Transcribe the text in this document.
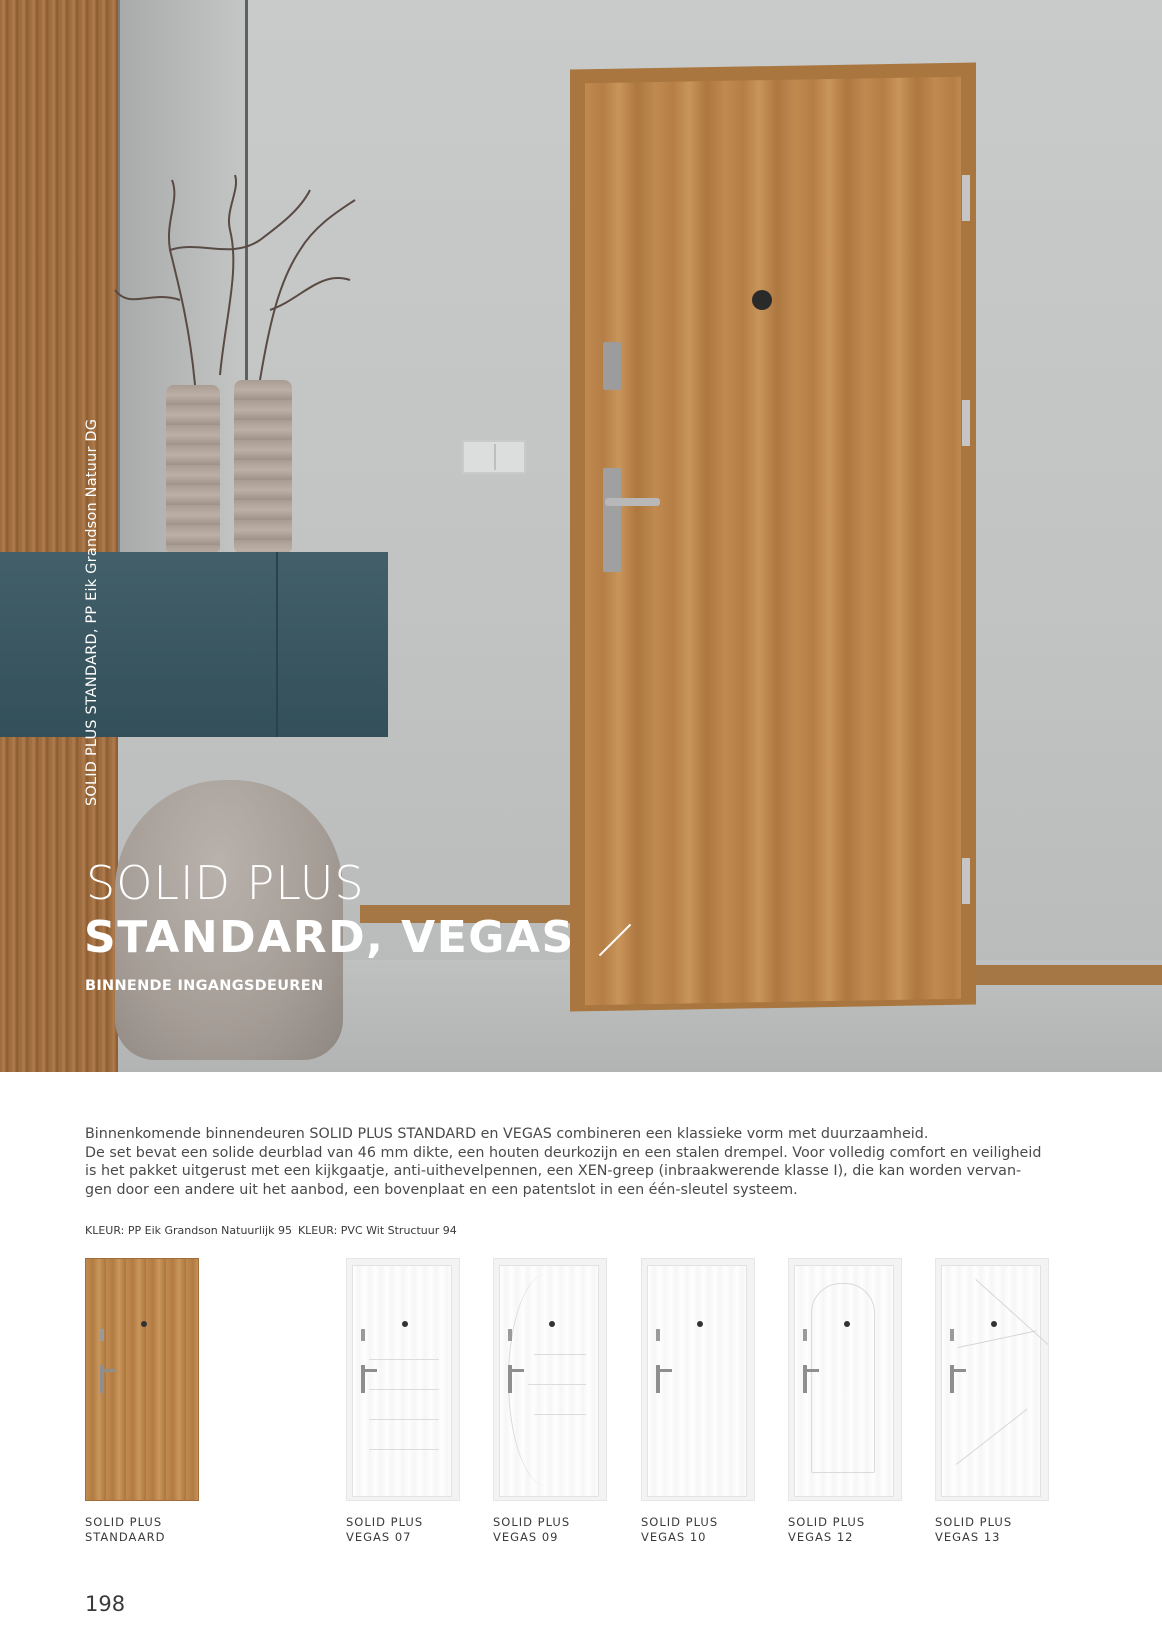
SOLID PLUS STANDARD, PP Eik Grandson Natuur DG
SOLID PLUS
STANDARD, VEGAS
BINNENDE INGANGSDEUREN

Binnenkomende binnendeuren SOLID PLUS STANDARD en VEGAS combineren een klassieke vorm met duurzaamheid.

De set bevat een solide deurblad van 46 mm dikte, een houten deurkozijn en een stalen drempel. Voor volledig comfort en veiligheid

is het pakket uitgerust met een kijkgaatje, anti-uithevelpennen, een XEN-greep (inbraakwerende klasse I), die kan worden vervan-

gen door een andere uit het aanbod, een bovenplaat en een patentslot in een één-sleutel systeem.

KLEUR: PP Eik Grandson Natuurlijk 95 KLEUR: PVC Wit Structuur 94
SOLID PLUS
STANDAARD
SOLID PLUS
VEGAS 07
SOLID PLUS
VEGAS 09
SOLID PLUS
VEGAS 10
SOLID PLUS
VEGAS 12
SOLID PLUS
VEGAS 13
198
